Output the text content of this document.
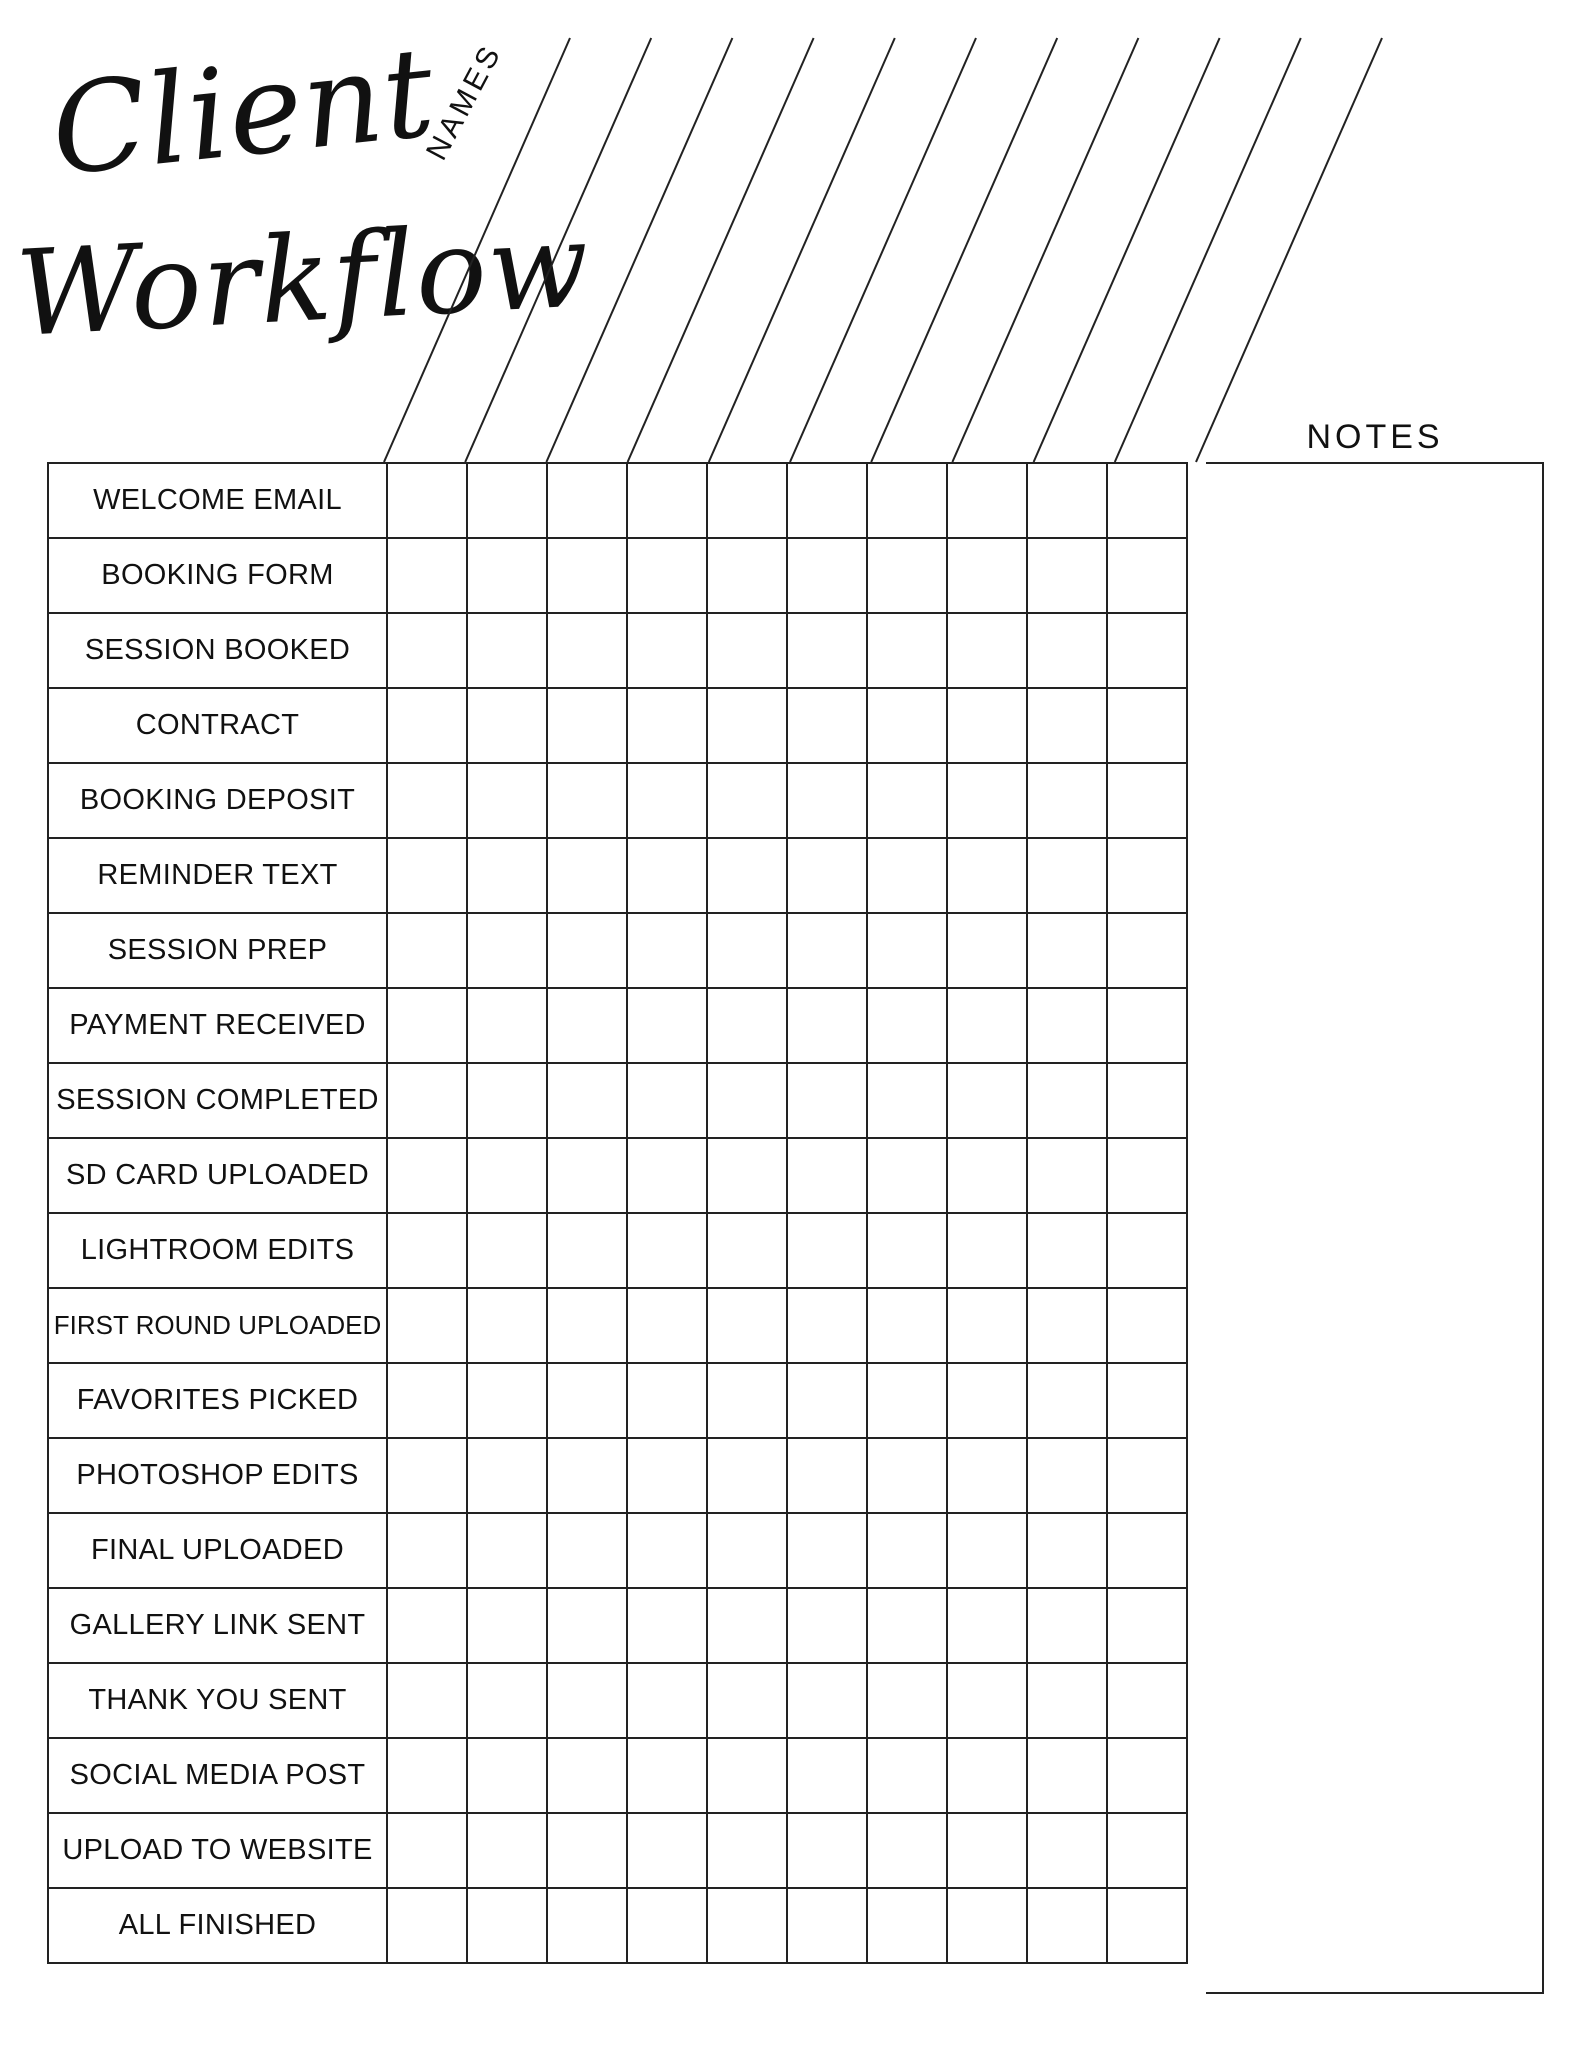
Client
Workflow
NAMES
NOTES
WELCOME EMAIL										
BOOKING FORM										
SESSION BOOKED										
CONTRACT										
BOOKING DEPOSIT										
REMINDER TEXT										
SESSION PREP										
PAYMENT RECEIVED										
SESSION COMPLETED										
SD CARD UPLOADED										
LIGHTROOM EDITS										
FIRST ROUND UPLOADED										
FAVORITES PICKED										
PHOTOSHOP EDITS										
FINAL UPLOADED										
GALLERY LINK SENT										
THANK YOU SENT										
SOCIAL MEDIA POST										
UPLOAD TO WEBSITE										
ALL FINISHED										
